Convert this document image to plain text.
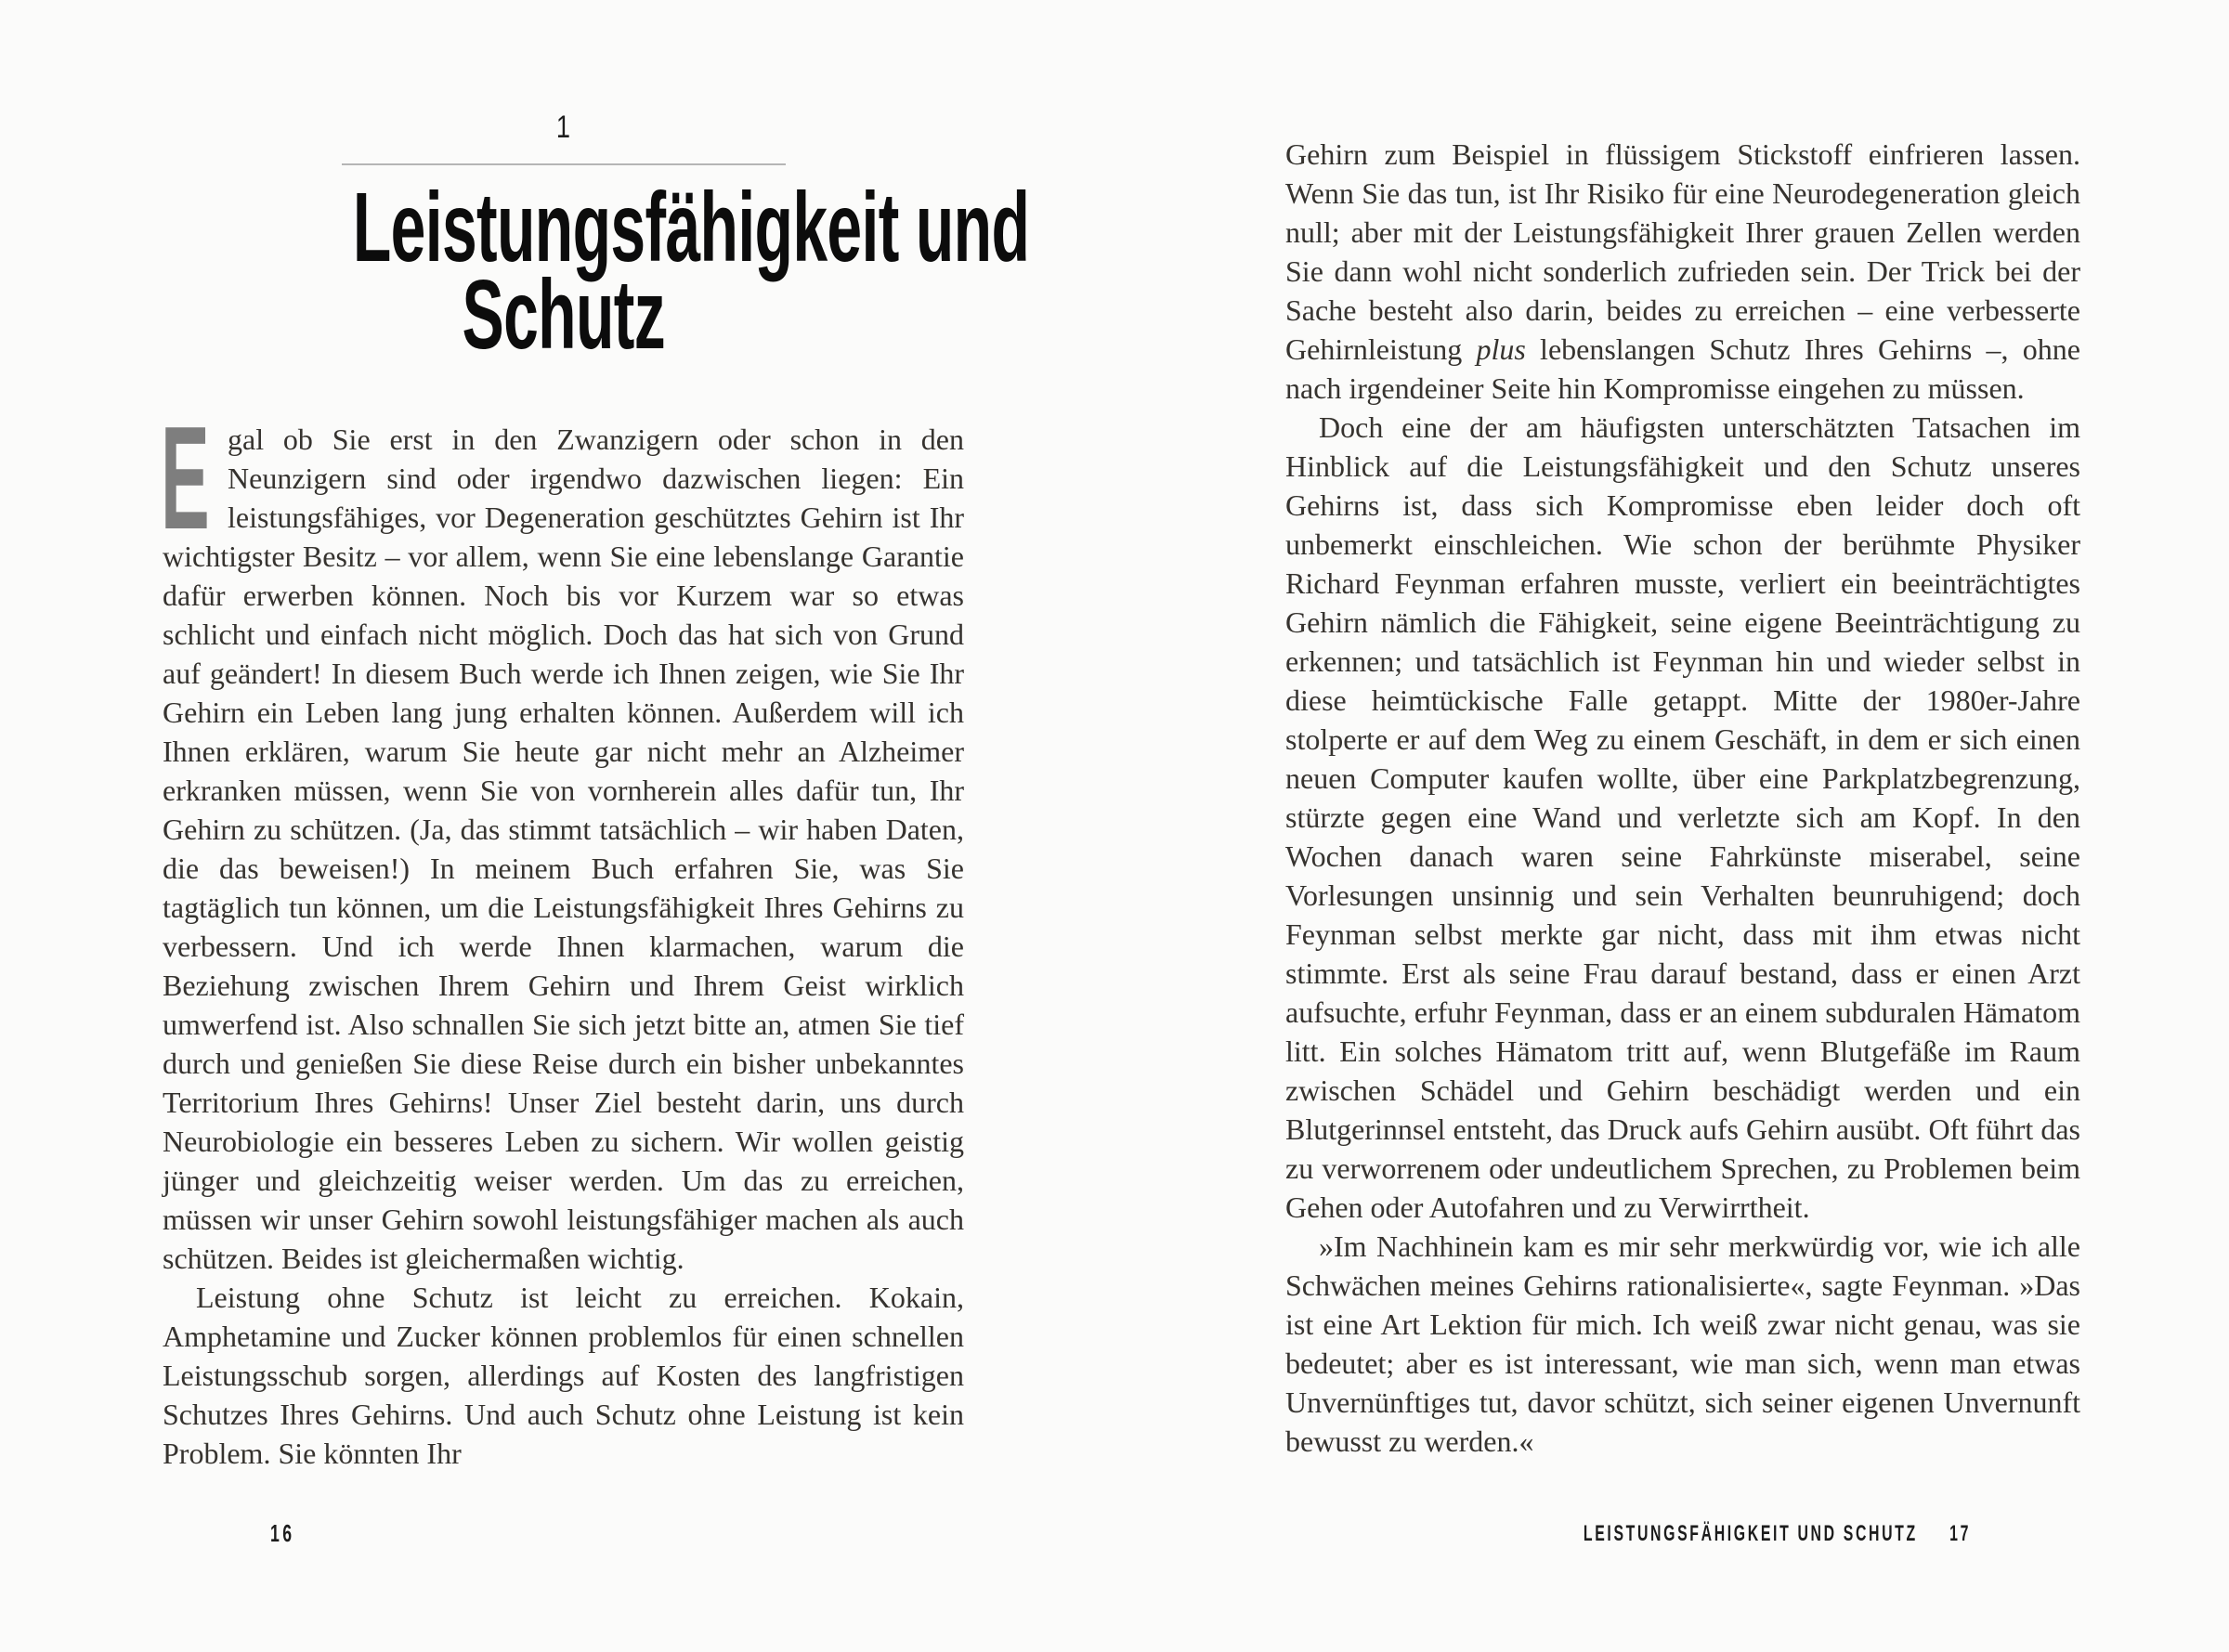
1
Leistungsfähigkeit und
Schutz

E gal ob Sie erst in den Zwanzigern oder schon in den Neunzigern sind oder irgendwo dazwischen liegen: Ein leistungsfähiges, vor Degeneration geschütztes Gehirn ist Ihr wichtigster Besitz – vor allem, wenn Sie eine lebenslange Garantie dafür erwerben können. Noch bis vor Kurzem war so etwas schlicht und einfach nicht möglich. Doch das hat sich von Grund auf geändert! In diesem Buch werde ich Ihnen zeigen, wie Sie Ihr Gehirn ein Leben lang jung erhalten können. Außerdem will ich Ihnen erklären, warum Sie heute gar nicht mehr an Alzheimer erkranken müssen, wenn Sie von vornherein alles dafür tun, Ihr Gehirn zu schützen. (Ja, das stimmt tatsächlich – wir haben Daten, die das beweisen!) In meinem Buch erfahren Sie, was Sie tagtäglich tun können, um die Leistungsfähigkeit Ihres Gehirns zu verbessern. Und ich werde Ihnen klarmachen, warum die Beziehung zwischen Ihrem Gehirn und Ihrem Geist wirklich umwerfend ist. Also schnallen Sie sich jetzt bitte an, atmen Sie tief durch und genießen Sie diese Reise durch ein bisher unbekanntes Territorium Ihres Gehirns! Unser Ziel besteht darin, uns durch Neurobiologie ein besseres Leben zu sichern. Wir wollen geistig jünger und gleichzeitig weiser werden. Um das zu erreichen, müssen wir unser Gehirn sowohl leistungsfähiger machen als auch schützen. Beides ist gleichermaßen wichtig.

Leistung ohne Schutz ist leicht zu erreichen. Kokain, Amphetamine und Zucker können problemlos für einen schnellen Leistungsschub sorgen, allerdings auf Kosten des langfristigen Schutzes Ihres Gehirns. Und auch Schutz ohne Leistung ist kein Problem. Sie könnten Ihr

16

Gehirn zum Beispiel in flüssigem Stickstoff einfrieren lassen. Wenn Sie das tun, ist Ihr Risiko für eine Neurodegeneration gleich null; aber mit der Leistungsfähigkeit Ihrer grauen Zellen werden Sie dann wohl nicht sonderlich zufrieden sein. Der Trick bei der Sache besteht also darin, beides zu erreichen – eine verbesserte Gehirnleistung plus lebenslangen Schutz Ihres Gehirns –, ohne nach irgendeiner Seite hin Kompromisse eingehen zu müssen.

Doch eine der am häufigsten unterschätzten Tatsachen im Hinblick auf die Leistungsfähigkeit und den Schutz unseres Gehirns ist, dass sich Kompromisse eben leider doch oft unbemerkt einschleichen. Wie schon der berühmte Physiker Richard Feynman erfahren musste, verliert ein beeinträchtigtes Gehirn nämlich die Fähigkeit, seine eigene Beeinträchtigung zu erkennen; und tatsächlich ist Feynman hin und wieder selbst in diese heimtückische Falle getappt. Mitte der 1980er-Jahre stolperte er auf dem Weg zu einem Geschäft, in dem er sich einen neuen Computer kaufen wollte, über eine Parkplatzbegrenzung, stürzte gegen eine Wand und verletzte sich am Kopf. In den Wochen danach waren seine Fahrkünste miserabel, seine Vorlesungen unsinnig und sein Verhalten beunruhigend; doch Feynman selbst merkte gar nicht, dass mit ihm etwas nicht stimmte. Erst als seine Frau darauf bestand, dass er einen Arzt aufsuchte, erfuhr Feynman, dass er an einem subduralen Hämatom litt. Ein solches Hämatom tritt auf, wenn Blutgefäße im Raum zwischen Schädel und Gehirn beschädigt werden und ein Blutgerinnsel entsteht, das Druck aufs Gehirn ausübt. Oft führt das zu verworrenem oder undeutlichem Sprechen, zu Problemen beim Gehen oder Autofahren und zu Verwirrtheit.

»Im Nachhinein kam es mir sehr merkwürdig vor, wie ich alle Schwächen meines Gehirns rationalisierte«, sagte Feynman. »Das ist eine Art Lektion für mich. Ich weiß zwar nicht genau, was sie bedeutet; aber es ist interessant, wie man sich, wenn man etwas Unvernünftiges tut, davor schützt, sich seiner eigenen Unvernunft bewusst zu werden.«

LEISTUNGSFÄHIGKEIT UND SCHUTZ 17
